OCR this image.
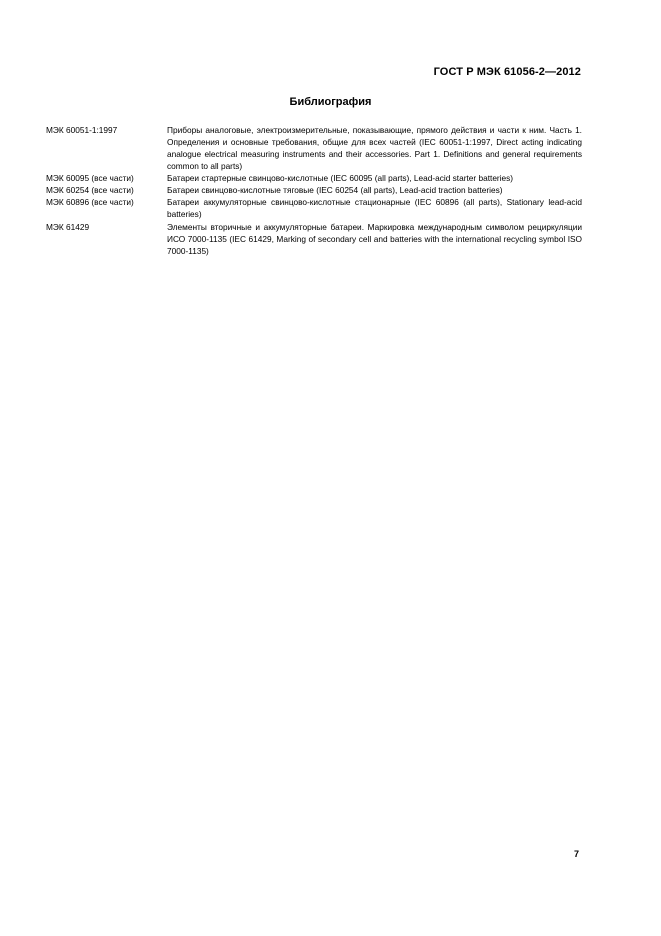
ГОСТ Р МЭК 61056-2—2012
Библиография
МЭК 60051-1:1997	Приборы аналоговые, электроизмерительные, показывающие, прямого действия и части к ним. Часть 1. Определения и основные требования, общие для всех частей (IEC 60051-1:1997, Direct acting indicating analogue electrical measuring instruments and their accessories. Part 1. Definitions and general requirements common to all parts)
МЭК 60095 (все части)	Батареи стартерные свинцово-кислотные (IEC 60095 (all parts), Lead-acid starter batteries)
МЭК 60254 (все части)	Батареи свинцово-кислотные тяговые (IEC 60254 (all parts), Lead-acid traction batteries)
МЭК 60896 (все части)	Батареи аккумуляторные свинцово-кислотные стационарные (IEC 60896 (all parts), Stationary lead-acid batteries)
МЭК 61429	Элементы вторичные и аккумуляторные батареи. Маркировка международным символом рециркуляции ИСО 7000-1135 (IEC 61429, Marking of secondary cell and batteries with the international recycling symbol ISO 7000-1135)
7
